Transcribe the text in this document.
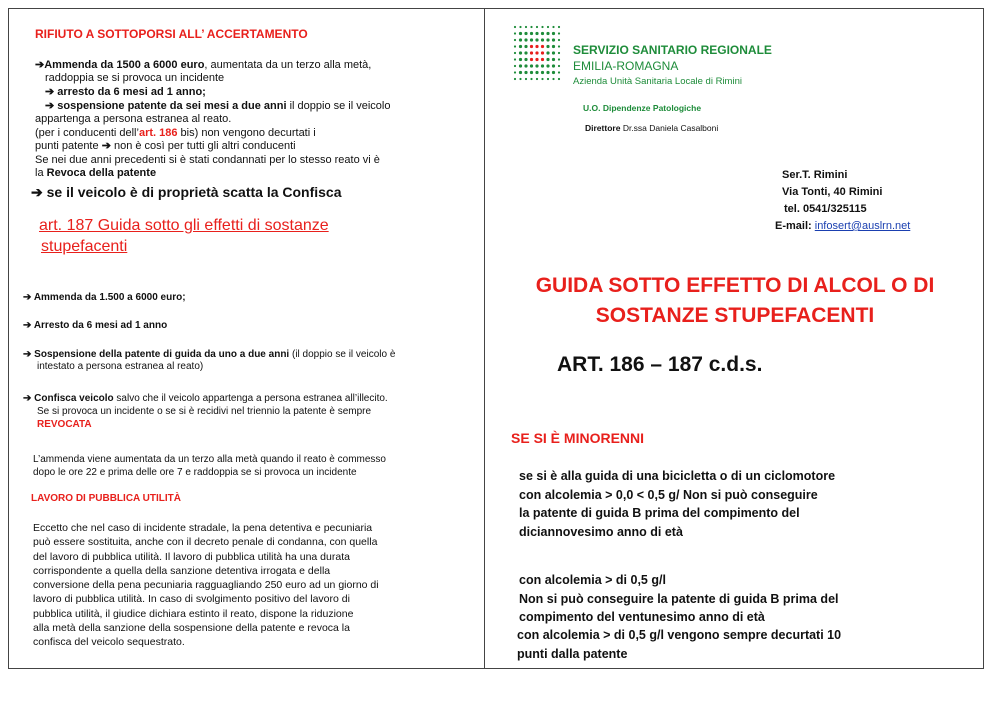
RIFIUTO A SOTTOPORSI ALL’ ACCERTAMENTO
➔Ammenda da 1500 a 6000 euro, aumentata da un terzo alla metà,
raddoppia se si provoca un incidente
➔ arresto da 6 mesi ad 1 anno;
➔ sospensione patente da sei mesi a due anni il doppio se il veicolo
appartenga a persona estranea al reato.
(per i conducenti dell’art. 186 bis) non vengono decurtati i
punti patente ➔ non è così per tutti gli altri conducenti
Se nei due anni precedenti si è stati condannati per lo stesso reato vi è
la Revoca della patente
➔ se il veicolo è di proprietà scatta la Confisca
art. 187 Guida sotto gli effetti di sostanze
stupefacenti
➔ Ammenda da 1.500 a 6000 euro;
➔ Arresto da 6 mesi ad 1 anno
➔ Sospensione della patente di guida da uno a due anni (il doppio se il veicolo è
intestato a persona estranea al reato)
➔ Confisca veicolo salvo che il veicolo appartenga a persona estranea all’illecito.
Se si provoca un incidente o se si è recidivi nel triennio la patente è sempre
REVOCATA
L’ammenda viene aumentata da un terzo alla metà quando il reato è commesso
dopo le ore 22 e prima delle ore 7 e raddoppia se si provoca un incidente
LAVORO DI PUBBLICA UTILITÀ
Eccetto che nel caso di incidente stradale, la pena detentiva e pecuniaria
può essere sostituita, anche con il decreto penale di condanna, con quella
del lavoro di pubblica utilità. Il lavoro di pubblica utilità ha una durata
corrispondente a quella della sanzione detentiva irrogata e della
conversione della pena pecuniaria ragguagliando 250 euro ad un giorno di
lavoro di pubblica utilità. In caso di svolgimento positivo del lavoro di
pubblica utilità, il giudice dichiara estinto il reato, dispone la riduzione
alla metà della sanzione della sospensione della patente e revoca la
confisca del veicolo sequestrato.
SERVIZIO SANITARIO REGIONALE
EMILIA-ROMAGNA
Azienda Unità Sanitaria Locale di Rimini
U.O. Dipendenze Patologiche
Direttore Dr.ssa Daniela Casalboni
Ser.T. Rimini
Via Tonti, 40 Rimini
tel. 0541/325115
E-mail: infosert@auslrn.net
GUIDA SOTTO EFFETTO DI ALCOL O DI
SOSTANZE STUPEFACENTI
ART. 186 – 187 c.d.s.
SE SI È MINORENNI
se si è alla guida di una bicicletta o di un ciclomotore
con alcolemia > 0,0 < 0,5 g/ Non si può conseguire
la patente di guida B prima del compimento del
diciannovesimo anno di età
con alcolemia > di 0,5 g/l
Non si può conseguire la patente di guida B prima del
compimento del ventunesimo anno di età
con alcolemia > di 0,5 g/l vengono sempre decurtati 10
punti dalla patente
